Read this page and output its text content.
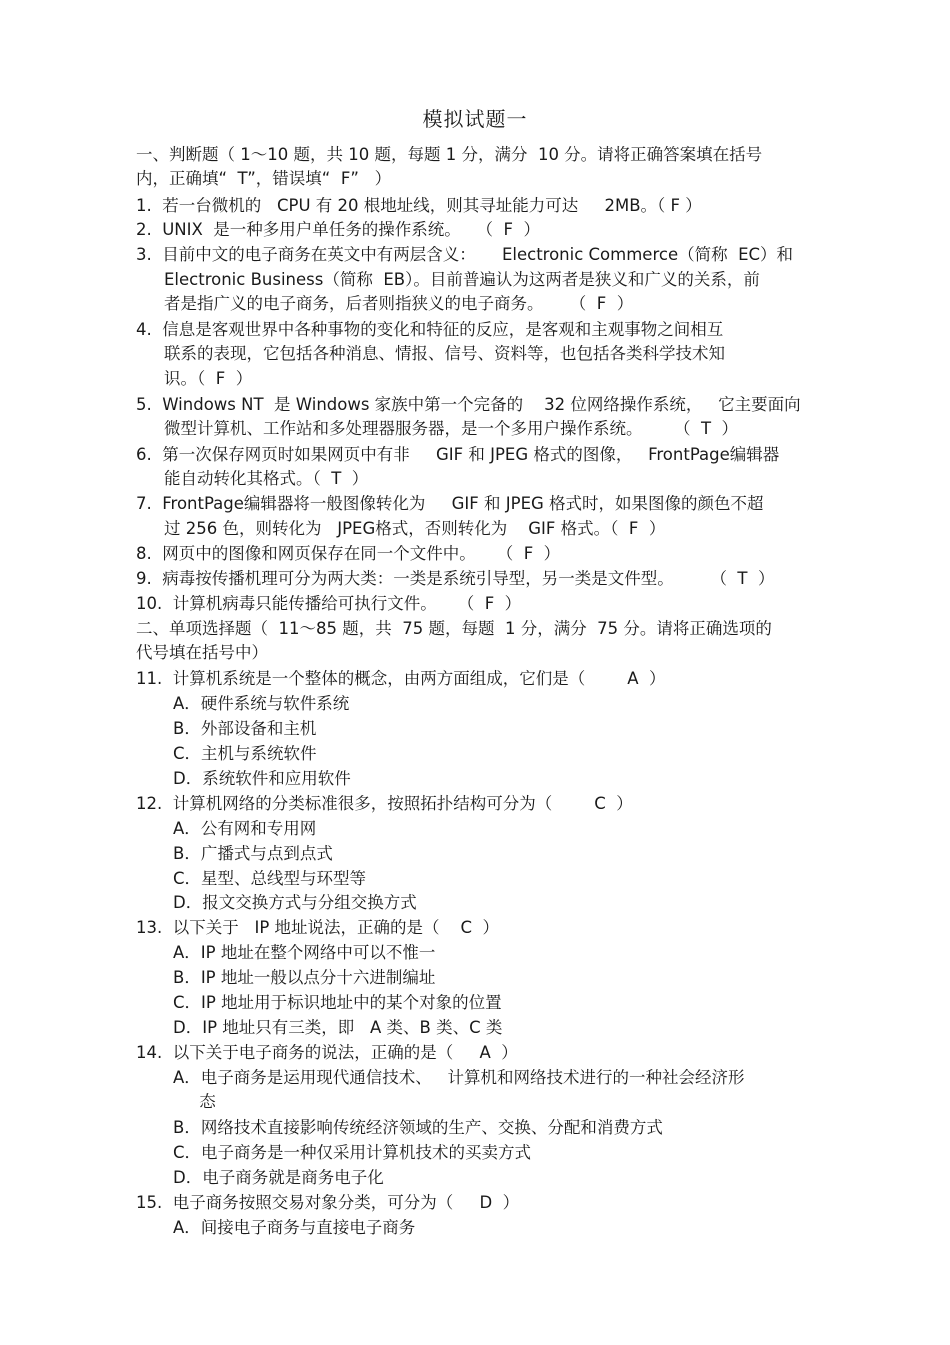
模拟试题一
一、判断题（ 1～10 题，共 10 题，每题 1 分，满分  10 分。请将正确答案填在括号
内，正确填“  T”，错误填“  F”   ）
1.  若一台微机的   CPU 有 20 根地址线，则其寻址能力可达     2MB。（ F ）
2.  UNIX  是一种多用户单任务的操作系统。   （  F  ）
3.  目前中文的电子商务在英文中有两层含义：     Electronic Commerce（简称  EC）和
Electronic Business（简称  EB）。目前普遍认为这两者是狭义和广义的关系，前
者是指广义的电子商务，后者则指狭义的电子商务。     （  F  ）
4.  信息是客观世界中各种事物的变化和特征的反应，是客观和主观事物之间相互
联系的表现，它包括各种消息、情报、信号、资料等，也包括各类科学技术知
识。（  F  ）
5.  Windows NT  是 Windows 家族中第一个完备的    32 位网络操作系统，   它主要面向
微型计算机、工作站和多处理器服务器，是一个多用户操作系统。      （  T  ）
6.  第一次保存网页时如果网页中有非     GIF 和 JPEG 格式的图像，   FrontPage编辑器
能自动转化其格式。（  T  ）
7.  FrontPage编辑器将一般图像转化为     GIF 和 JPEG 格式时，如果图像的颜色不超
过 256 色，则转化为   JPEG格式，否则转化为    GIF 格式。（  F  ）
8.  网页中的图像和网页保存在同一个文件中。    （  F  ）
9.  病毒按传播机理可分为两大类：一类是系统引导型，另一类是文件型。       （  T  ）
10.  计算机病毒只能传播给可执行文件。    （  F  ）
二、单项选择题（  11～85 题，共  75 题，每题  1 分，满分  75 分。请将正确选项的
代号填在括号中）
11.  计算机系统是一个整体的概念，由两方面组成，它们是（        A  ）
A．硬件系统与软件系统
B．外部设备和主机
C．主机与系统软件
D．系统软件和应用软件
12.  计算机网络的分类标准很多，按照拓扑结构可分为（        C  ）
A．公有网和专用网
B．广播式与点到点式
C．星型、总线型与环型等
D．报文交换方式与分组交换方式
13.  以下关于   IP 地址说法，正确的是（    C  ）
A．IP 地址在整个网络中可以不惟一
B．IP 地址一般以点分十六进制编址
C．IP 地址用于标识地址中的某个对象的位置
D．IP 地址只有三类，即   A 类、B 类、C 类
14.  以下关于电子商务的说法，正确的是（     A  ）
A．电子商务是运用现代通信技术、   计算机和网络技术进行的一种社会经济形
态
B．网络技术直接影响传统经济领域的生产、交换、分配和消费方式
C．电子商务是一种仅采用计算机技术的买卖方式
D．电子商务就是商务电子化
15.  电子商务按照交易对象分类，可分为（     D  ）
A．间接电子商务与直接电子商务
